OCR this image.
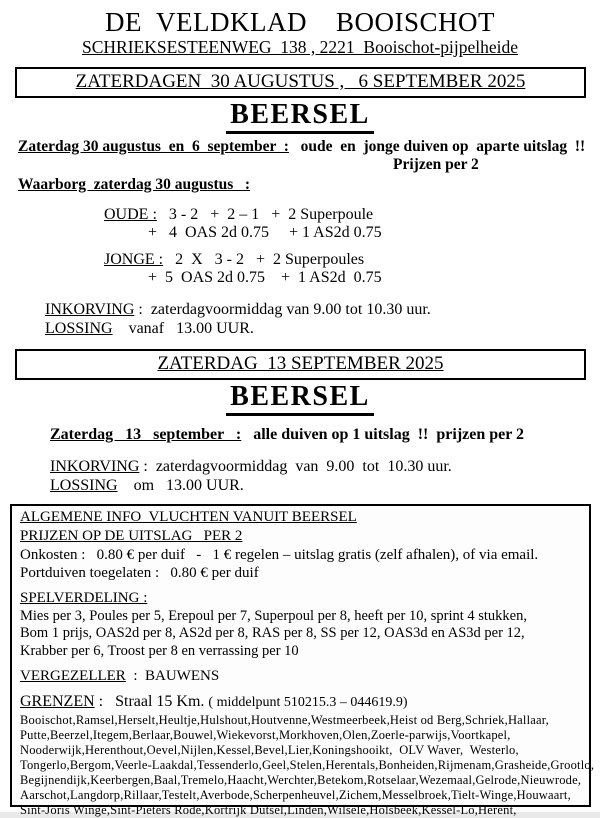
DE  VELDKLAD    BOOISCHOT
SCHRIEKSESTEENWEG  138 , 2221  Booischot-pijpelheide
ZATERDAGEN  30 AUGUSTUS ,   6 SEPTEMBER 2025
BEERSEL
Zaterdag 30 augustus  en  6  september  :   oude  en  jonge duiven op  aparte uitslag  !!
Prijzen per 2
Waarborg  zaterdag 30 augustus   :
OUDE :   3 - 2   +  2 – 1   +  2 Superpoule
+   4  OAS 2d 0.75     + 1 AS2d 0.75
JONGE :   2  X   3 - 2   +  2 Superpoules
+  5  OAS 2d 0.75    +  1 AS2d  0.75
INKORVING :  zaterdagvoormiddag van 9.00 tot 10.30 uur.
LOSSING    vanaf   13.00 UUR.
ZATERDAG  13 SEPTEMBER 2025
BEERSEL
Zaterdag   13   september   :   alle duiven op 1 uitslag  !!  prijzen per 2
INKORVING :  zaterdagvoormiddag  van  9.00  tot  10.30 uur.
LOSSING    om   13.00 UUR.
ALGEMENE INFO  VLUCHTEN VANUIT BEERSEL
PRIJZEN OP DE UITSLAG   PER 2
Onkosten :   0.80 € per duif   -   1 € regelen – uitslag gratis (zelf afhalen), of via email.
Portduiven toegelaten :   0.80 € per duif
SPELVERDELING :
Mies per 3, Poules per 5, Erepoul per 7, Superpoul per 8, heeft per 10, sprint 4 stukken,
Bom 1 prijs, OAS2d per 8, AS2d per 8, RAS per 8, SS per 12, OAS3d en AS3d per 12,
Krabber per 6, Troost per 8 en verrassing per 10
VERGEZELLER  :  BAUWENS
GRENZEN :   Straal 15 Km. ( middelpunt 510215.3 – 044619.9)
Booischot,Ramsel,Herselt,Heultje,Hulshout,Houtvenne,Westmeerbeek,Heist od Berg,Schriek,Hallaar,
Putte,Beerzel,Itegem,Berlaar,Bouwel,Wiekevorst,Morkhoven,Olen,Zoerle-parwijs,Voortkapel,
Nooderwijk,Herenthout,Oevel,Nijlen,Kessel,Bevel,Lier,Koningshooikt,  OLV Waver,  Westerlo,
Tongerlo,Bergom,Veerle-Laakdal,Tessenderlo,Geel,Stelen,Herentals,Bonheiden,Rijmenam,Grasheide,Grootlo,
Begijnendijk,Keerbergen,Baal,Tremelo,Haacht,Werchter,Betekom,Rotselaar,Wezemaal,Gelrode,Nieuwrode,
Aarschot,Langdorp,Rillaar,Testelt,Averbode,Scherpenheuvel,Zichem,Messelbroek,Tielt-Winge,Houwaart,
Sint-Joris Winge,Sint-Pieters Rode,Kortrijk Dutsel,Linden,Wilsele,Holsbeek,Kessel-Lo,Herent,
